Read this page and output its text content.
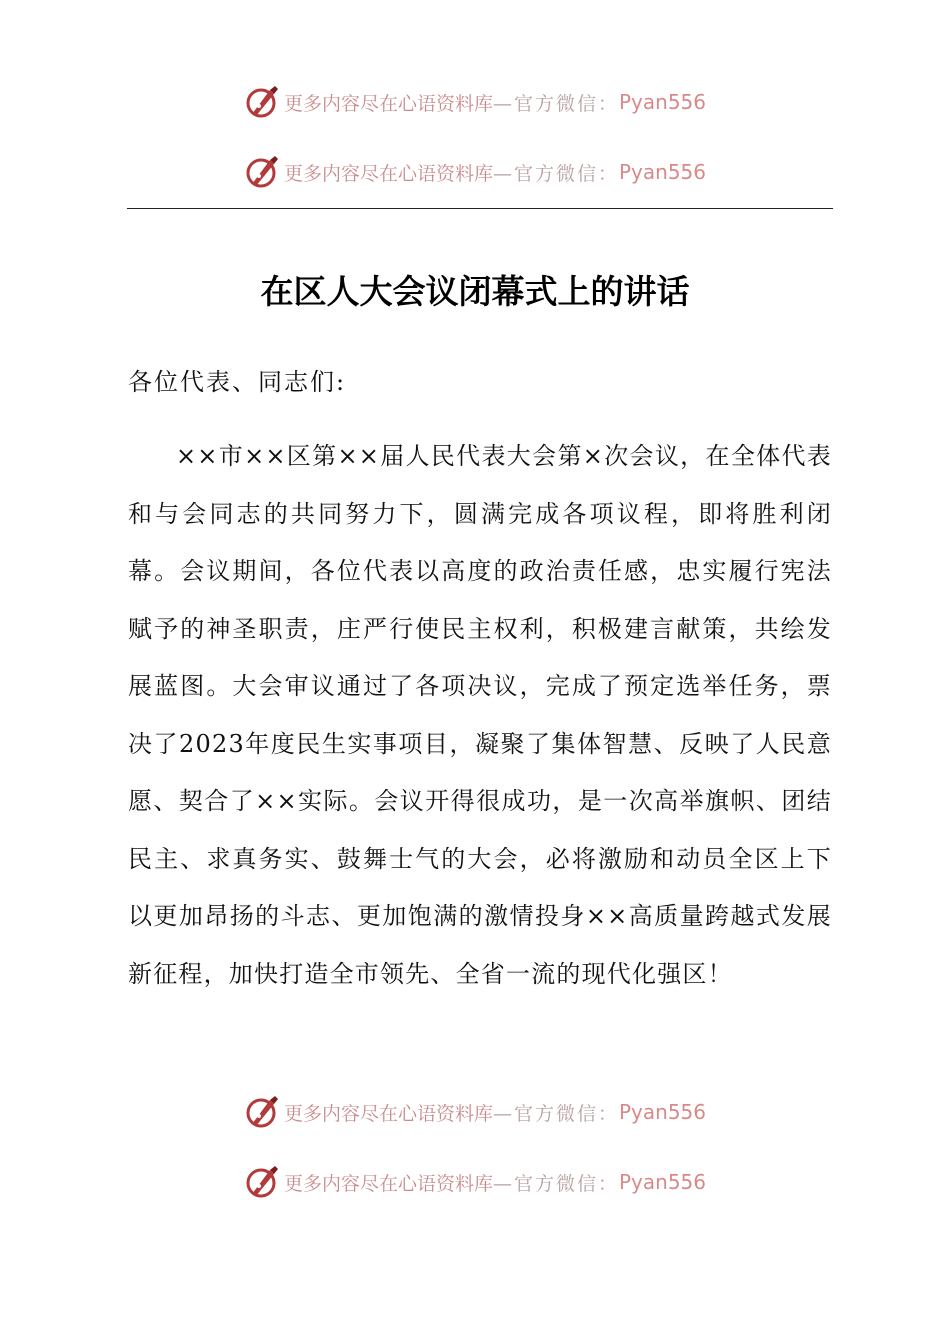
更多内容尽在心语资料库 —官方微信： Pyan556
更多内容尽在心语资料库 —官方微信： Pyan556
在区人大会议闭幕式上的讲话
各位代表、同志们:
××市××区第××届人民代表大会第×次会议，在全体代表和与会同志的共同努力下，圆满完成各项议程，即将胜利闭幕。会议期间，各位代表以高度的政治责任感，忠实履行宪法赋予的神圣职责，庄严行使民主权利，积极建言献策，共绘发展蓝图。大会审议通过了各项决议，完成了预定选举任务，票决了2023年度民生实事项目，凝聚了集体智慧、反映了人民意愿、契合了××实际。会议开得很成功，是一次高举旗帜、团结民主、求真务实、鼓舞士气的大会，必将激励和动员全区上下以更加昂扬的斗志、更加饱满的激情投身××高质量跨越式发展新征程，加快打造全市领先、全省一流的现代化强区！
更多内容尽在心语资料库 —官方微信： Pyan556
更多内容尽在心语资料库 —官方微信： Pyan556
